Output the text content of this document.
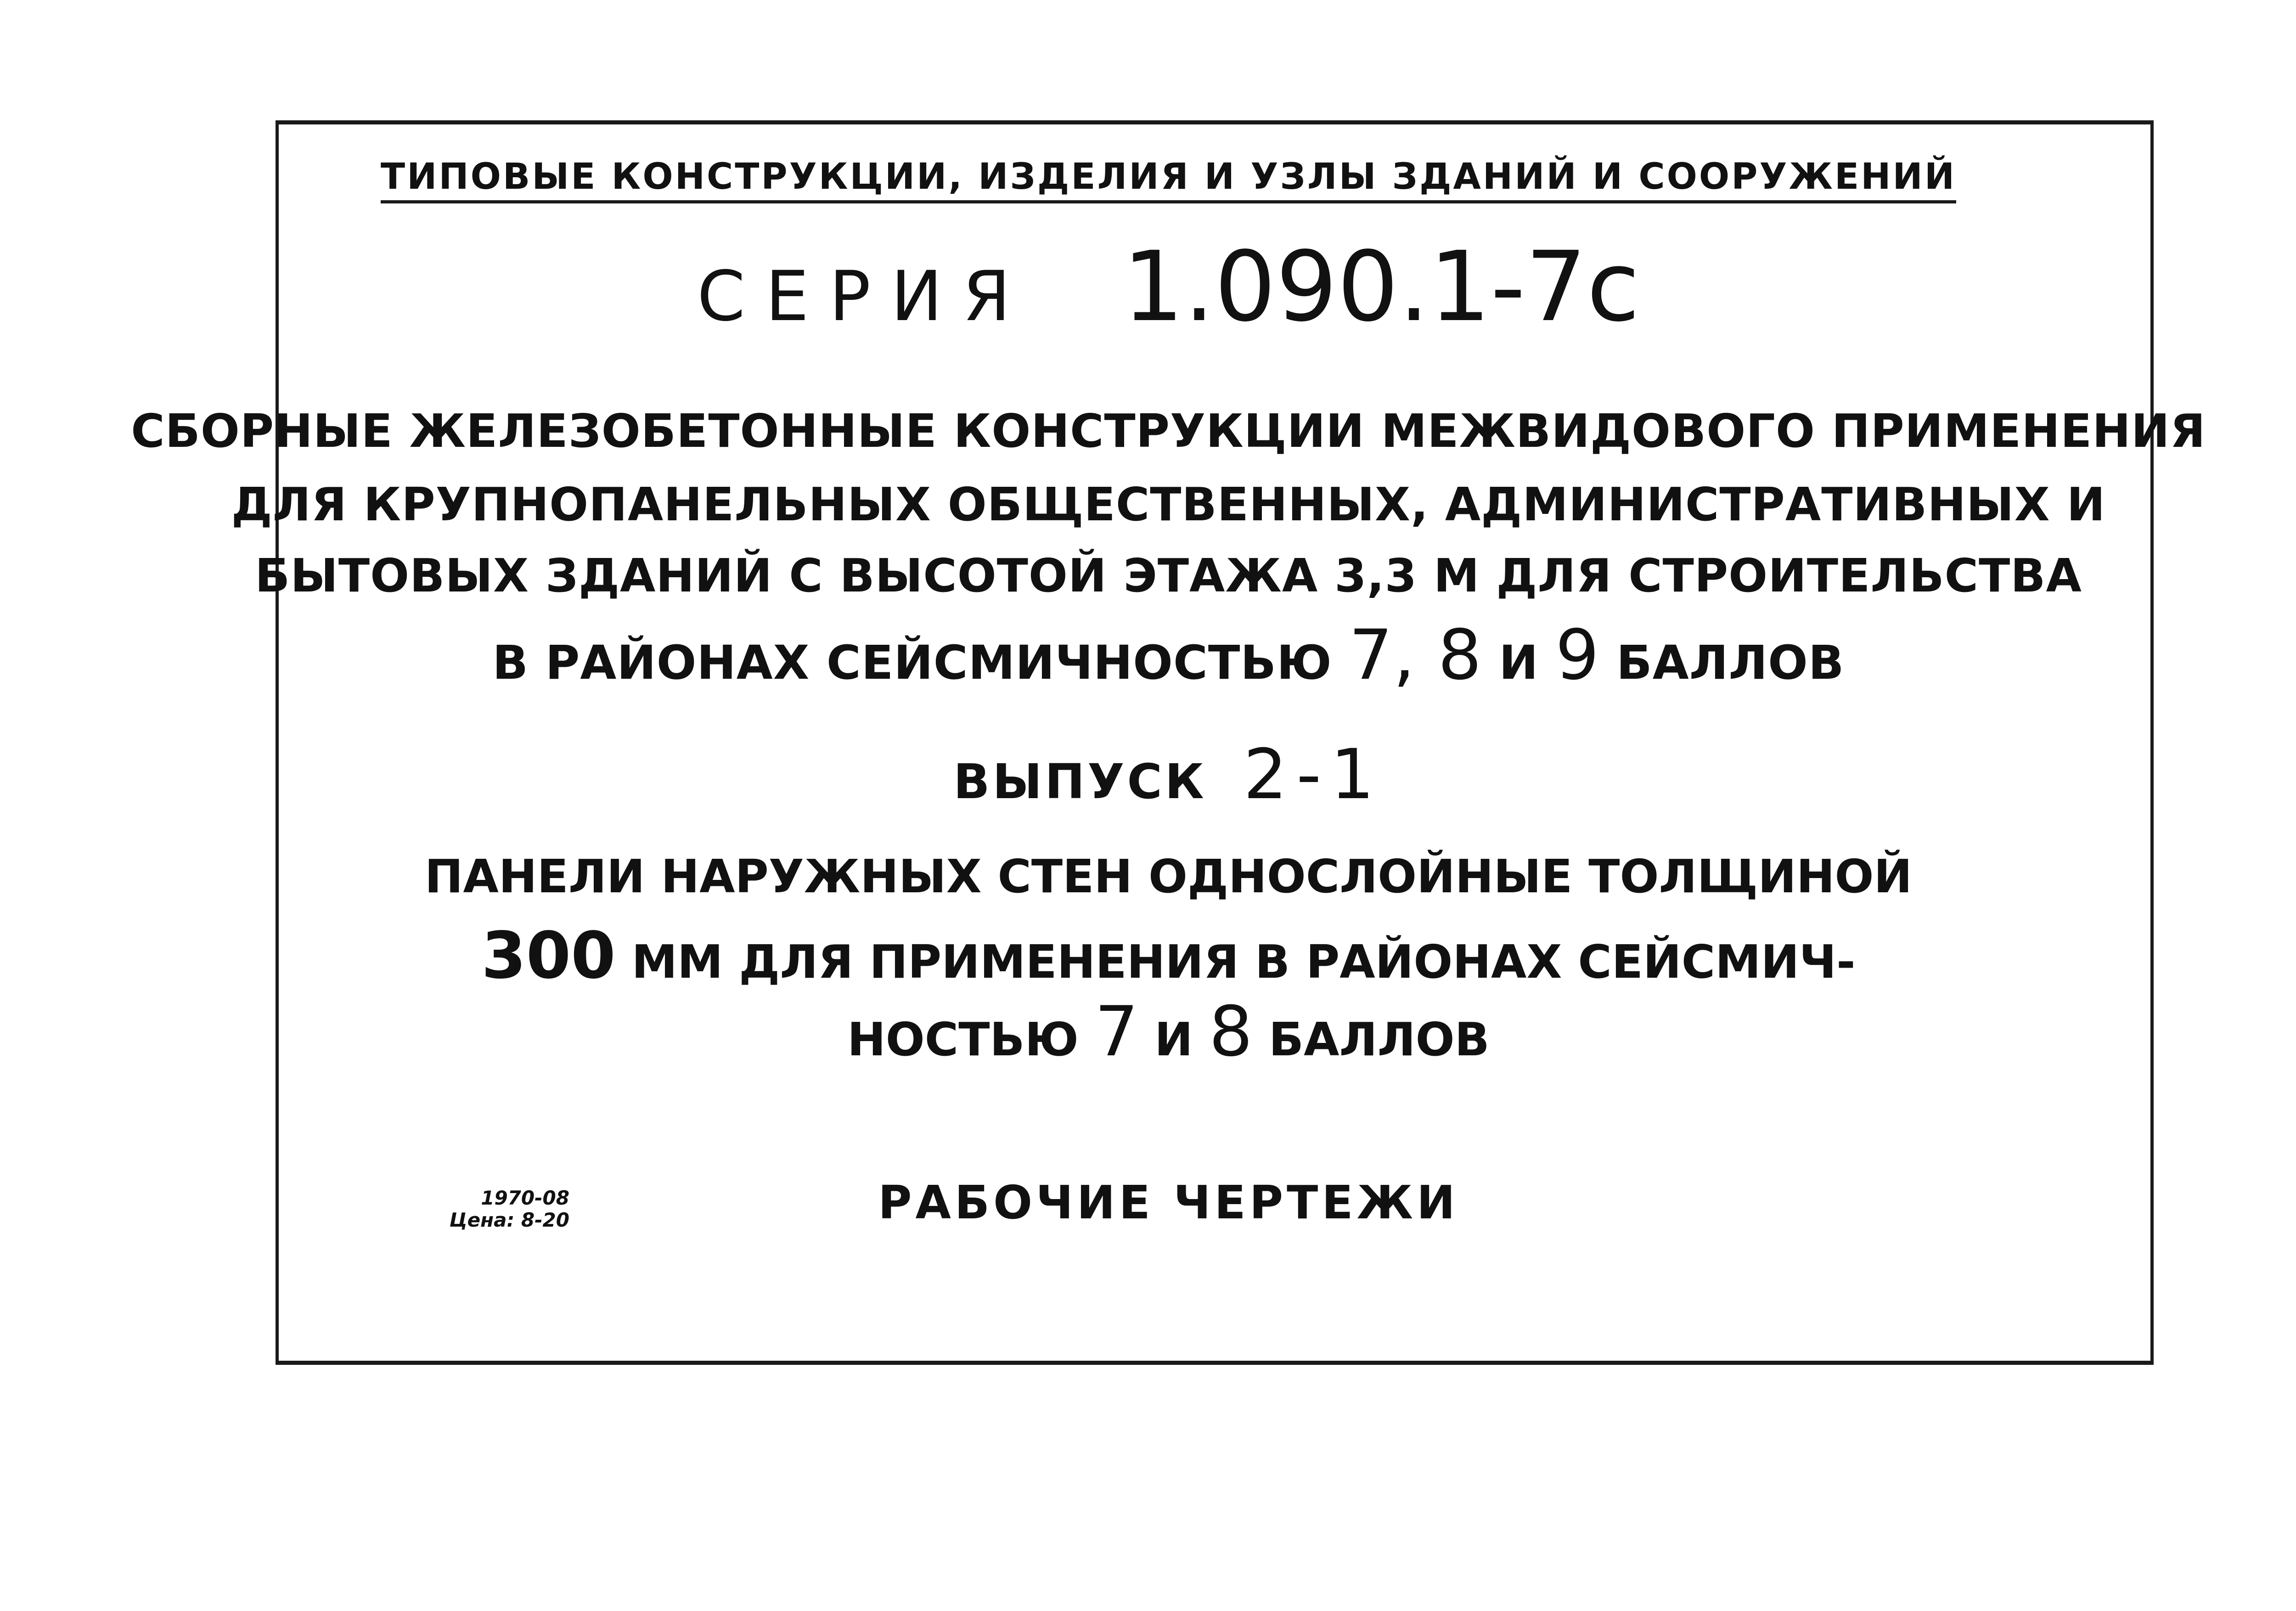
ТИПОВЫЕ КОНСТРУКЦИИ, ИЗДЕЛИЯ И УЗЛЫ ЗДАНИЙ И СООРУЖЕНИЙ
СЕРИЯ 1.090.1-7с
СБОРНЫЕ ЖЕЛЕЗОБЕТОННЫЕ КОНСТРУКЦИИ МЕЖВИДОВОГО ПРИМЕНЕНИЯ
ДЛЯ КРУПНОПАНЕЛЬНЫХ ОБЩЕСТВЕННЫХ, АДМИНИСТРАТИВНЫХ И
БЫТОВЫХ ЗДАНИЙ С ВЫСОТОЙ ЭТАЖА 3,3 М ДЛЯ СТРОИТЕЛЬСТВА
В РАЙОНАХ СЕЙСМИЧНОСТЬЮ 7, 8 И 9 БАЛЛОВ
ВЫПУСК 2-1
ПАНЕЛИ НАРУЖНЫХ СТЕН ОДНОСЛОЙНЫЕ ТОЛЩИНОЙ
300 ММ ДЛЯ ПРИМЕНЕНИЯ В РАЙОНАХ СЕЙСМИЧ-
НОСТЬЮ 7 И 8 БАЛЛОВ
РАБОЧИЕ ЧЕРТЕЖИ
1970-08
Цена: 8-20
